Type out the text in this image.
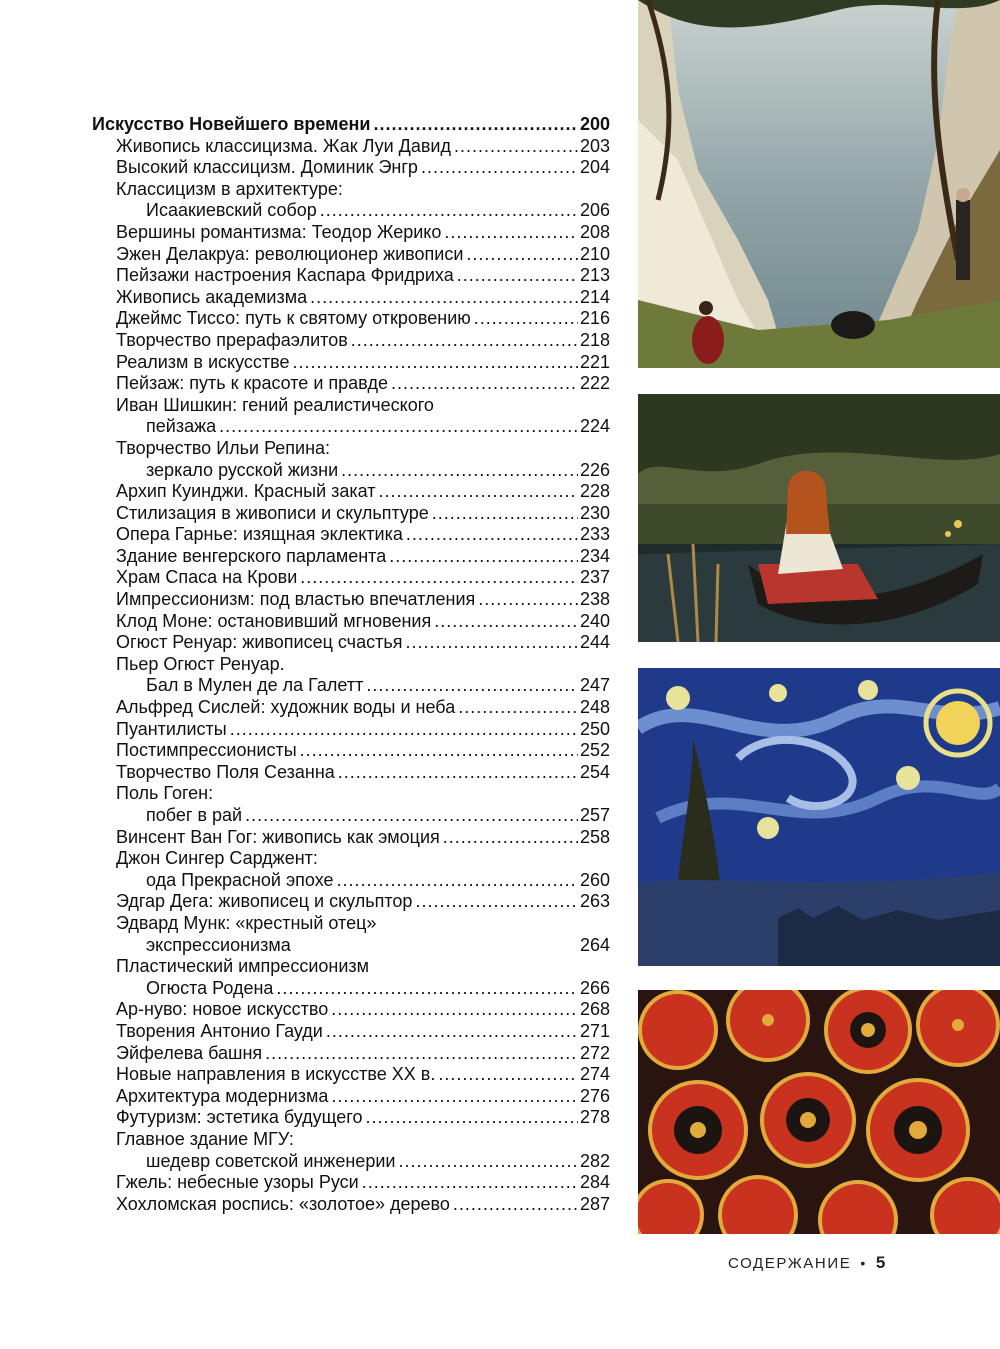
Искусство Новейшего времени .....	200
Живопись классицизма. Жак Луи Давид .....	203
Высокий классицизм. Доминик Энгр .....	204
Классицизм в архитектуре:
Исаакиевский собор .....	206
Вершины романтизма: Теодор Жерико .....	208
Эжен Делакруа: революционер живописи .....	210
Пейзажи настроения Каспара Фридриха .....	213
Живопись академизма .....	214
Джеймс Тиссо: путь к святому откровению .....	216
Творчество прерафаэлитов .....	218
Реализм в искусстве .....	221
Пейзаж: путь к красоте и правде .....	222
Иван Шишкин: гений реалистического
пейзажа .....	224
Творчество Ильи Репина:
зеркало русской жизни .....	226
Архип Куинджи. Красный закат .....	228
Стилизация в живописи и скульптуре .....	230
Опера Гарнье: изящная эклектика .....	233
Здание венгерского парламента .....	234
Храм Спаса на Крови .....	237
Импрессионизм: под властью впечатления .....	238
Клод Моне: остановивший мгновения .....	240
Огюст Ренуар: живописец счастья .....	244
Пьер Огюст Ренуар.
Бал в Мулен де ла Галетт .....	247
Альфред Сислей: художник воды и неба .....	248
Пуантилисты .....	250
Постимпрессионисты .....	252
Творчество Поля Сезанна .....	254
Поль Гоген:
побег в рай .....	257
Винсент Ван Гог: живопись как эмоция .....	258
Джон Сингер Сарджент:
ода Прекрасной эпохе .....	260
Эдгар Дега: живописец и скульптор .....	263
Эдвард Мунк: «крестный отец»
экспрессионизма	264
Пластический импрессионизм
Огюста Родена .....	266
Ар-нуво: новое искусство .....	268
Творения Антонио Гауди .....	271
Эйфелева башня .....	272
Новые направления в искусстве XX в. .....	274
Архитектура модернизма .....	276
Футуризм: эстетика будущего .....	278
Главное здание МГУ:
шедевр советской инженерии .....	282
Гжель: небесные узоры Руси .....	284
Хохломская роспись: «золотое» дерево .....	287
СОДЕРЖАНИЕ • 5
